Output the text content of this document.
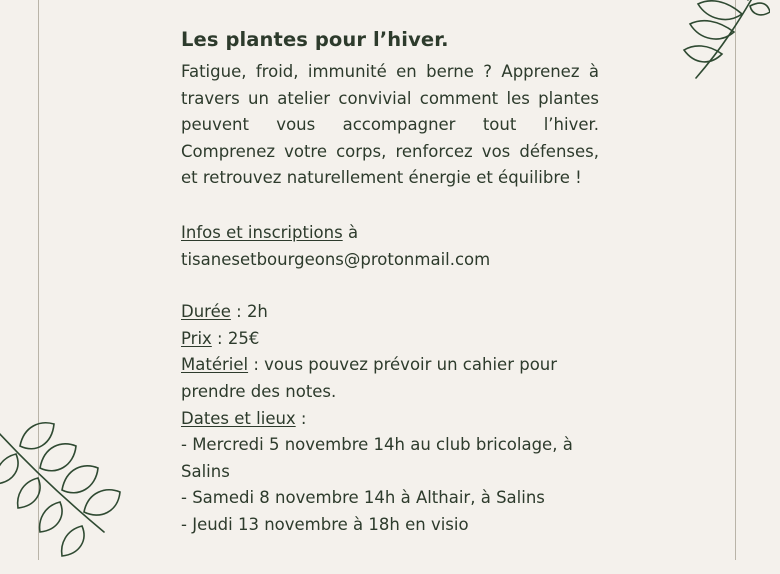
Les plantes pour l’hiver.

Fatigue, froid, immunité en berne ? Apprenez à travers un atelier convivial comment les plantes peuvent vous accompagner tout l’hiver. Comprenez votre corps, renforcez vos défenses, et retrouvez naturellement énergie et équilibre !

Infos et inscriptions à

tisanesetbourgeons@protonmail.com

Durée : 2h

Prix : 25€

Matériel : vous pouvez prévoir un cahier pour prendre des notes.

Dates et lieux :

- Mercredi 5 novembre 14h au club bricolage, à Salins

- Samedi 8 novembre 14h à Althair, à Salins

- Jeudi 13 novembre à 18h en visio
